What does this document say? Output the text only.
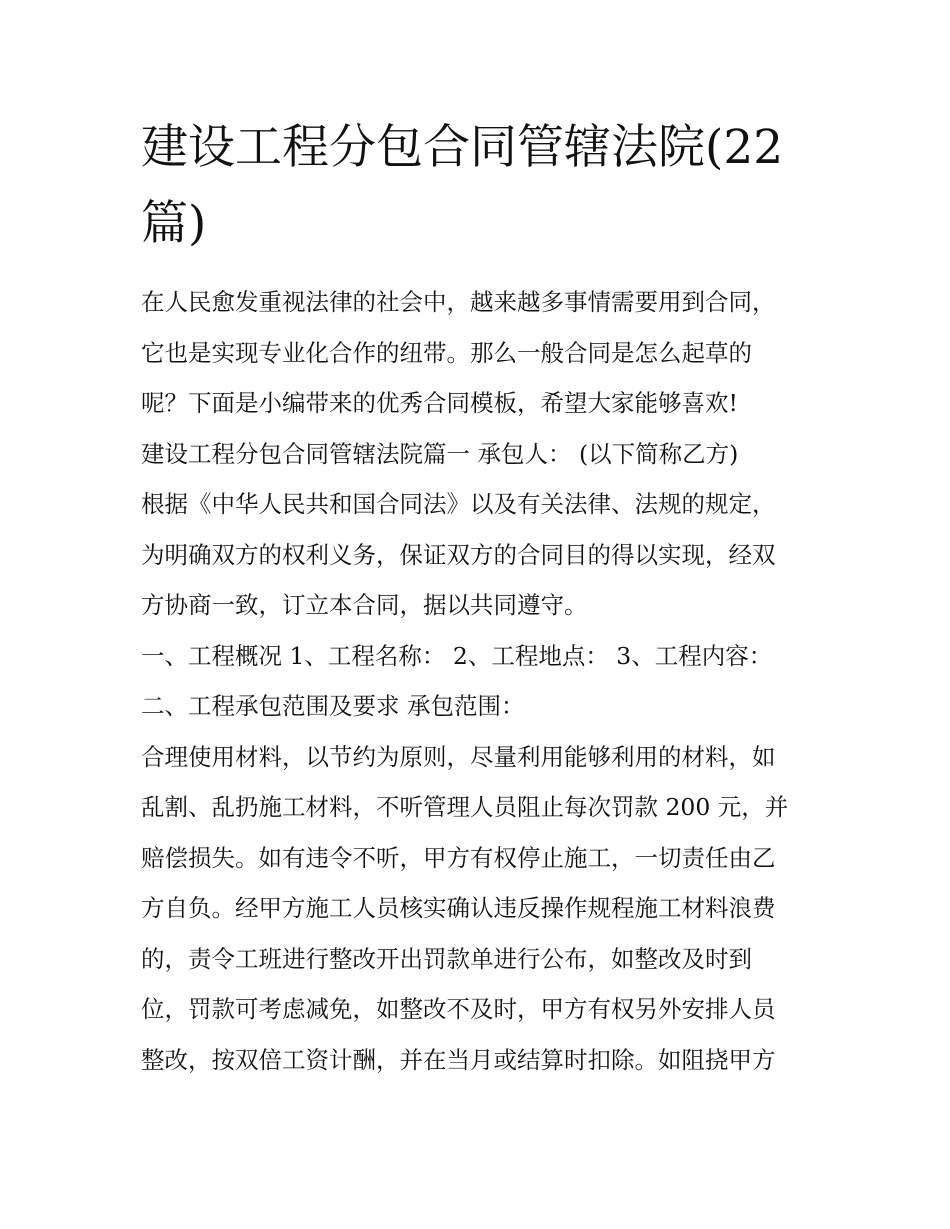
建设工程分包合同管辖法院(22篇)
在人民愈发重视法律的社会中，越来越多事情需要用到合同，
它也是实现专业化合作的纽带。那么一般合同是怎么起草的
呢？下面是小编带来的优秀合同模板，希望大家能够喜欢!
建设工程分包合同管辖法院篇一 承包人： (以下简称乙方)
根据《中华人民共和国合同法》以及有关法律、法规的规定，
为明确双方的权利义务，保证双方的合同目的得以实现，经双
方协商一致，订立本合同，据以共同遵守。
一、工程概况 1、工程名称： 2、工程地点： 3、工程内容：
二、工程承包范围及要求 承包范围：
合理使用材料，以节约为原则，尽量利用能够利用的材料，如
乱割、乱扔施工材料，不听管理人员阻止每次罚款 200 元，并
赔偿损失。如有违令不听，甲方有权停止施工，一切责任由乙
方自负。经甲方施工人员核实确认违反操作规程施工材料浪费
的，责令工班进行整改开出罚款单进行公布，如整改及时到
位，罚款可考虑减免，如整改不及时，甲方有权另外安排人员
整改，按双倍工资计酬，并在当月或结算时扣除。如阻挠甲方
